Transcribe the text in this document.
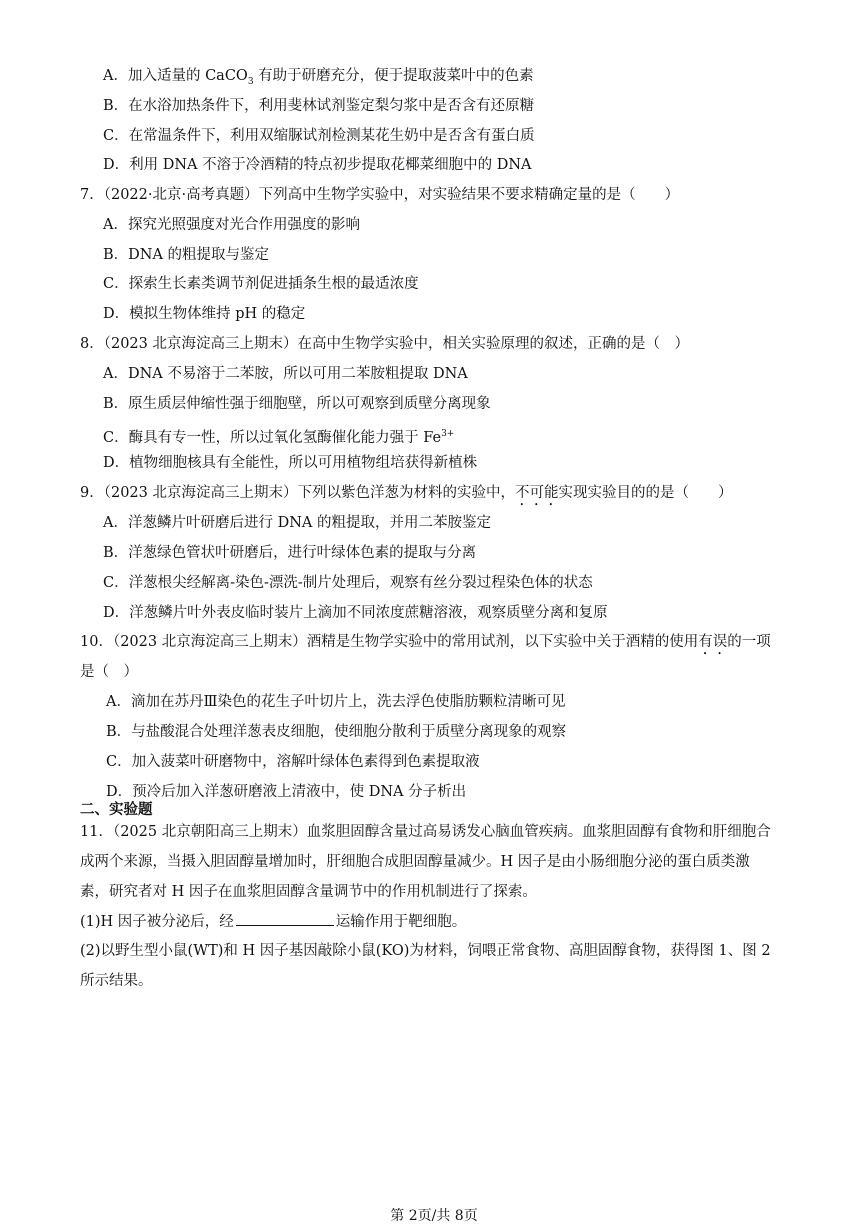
A．加入适量的 CaCO$_3$ 有助于研磨充分，便于提取菠菜叶中的色素
B．在水浴加热条件下，利用斐林试剂鉴定梨匀浆中是否含有还原糖
C．在常温条件下，利用双缩脲试剂检测某花生奶中是否含有蛋白质
D．利用 DNA 不溶于冷酒精的特点初步提取花椰菜细胞中的 DNA
7．（2022·北京·高考真题）下列高中生物学实验中，对实验结果不要求精确定量的是（　　）
A．探究光照强度对光合作用强度的影响
B．DNA 的粗提取与鉴定
C．探索生长素类调节剂促进插条生根的最适浓度
D．模拟生物体维持 pH 的稳定
8．（2023 北京海淀高三上期末）在高中生物学实验中，相关实验原理的叙述，正确的是（　）
A．DNA 不易溶于二苯胺，所以可用二苯胺粗提取 DNA
B．原生质层伸缩性强于细胞壁，所以可观察到质壁分离现象
C．酶具有专一性，所以过氧化氢酶催化能力强于 $Fe^{3+}$
D．植物细胞核具有全能性，所以可用植物组培获得新植株
9．（2023 北京海淀高三上期末）下列以紫色洋葱为材料的实验中，不可能实现实验目的的是（　　）
A．洋葱鳞片叶研磨后进行 DNA 的粗提取，并用二苯胺鉴定
B．洋葱绿色管状叶研磨后，进行叶绿体色素的提取与分离
C．洋葱根尖经解离-染色-漂洗-制片处理后，观察有丝分裂过程染色体的状态
D．洋葱鳞片叶外表皮临时装片上滴加不同浓度蔗糖溶液，观察质壁分离和复原
10．（2023 北京海淀高三上期末）酒精是生物学实验中的常用试剂，以下实验中关于酒精的使用有误的一项
是（　）
A．滴加在苏丹Ⅲ染色的花生子叶切片上，洗去浮色使脂肪颗粒清晰可见
B．与盐酸混合处理洋葱表皮细胞，使细胞分散利于质壁分离现象的观察
C．加入菠菜叶研磨物中，溶解叶绿体色素得到色素提取液
D．预冷后加入洋葱研磨液上清液中，使 DNA 分子析出
二、实验题
11．（2025 北京朝阳高三上期末）血浆胆固醇含量过高易诱发心脑血管疾病。血浆胆固醇有食物和肝细胞合
成两个来源，当摄入胆固醇量增加时，肝细胞合成胆固醇量减少。H 因子是由小肠细胞分泌的蛋白质类激
素，研究者对 H 因子在血浆胆固醇含量调节中的作用机制进行了探索。
(1)H 因子被分泌后，经	运输作用于靶细胞。
(2)以野生型小鼠(WT)和 H 因子基因敲除小鼠(KO)为材料，饲喂正常食物、高胆固醇食物，获得图 1、图 2
所示结果。
第 2页/共 8页
